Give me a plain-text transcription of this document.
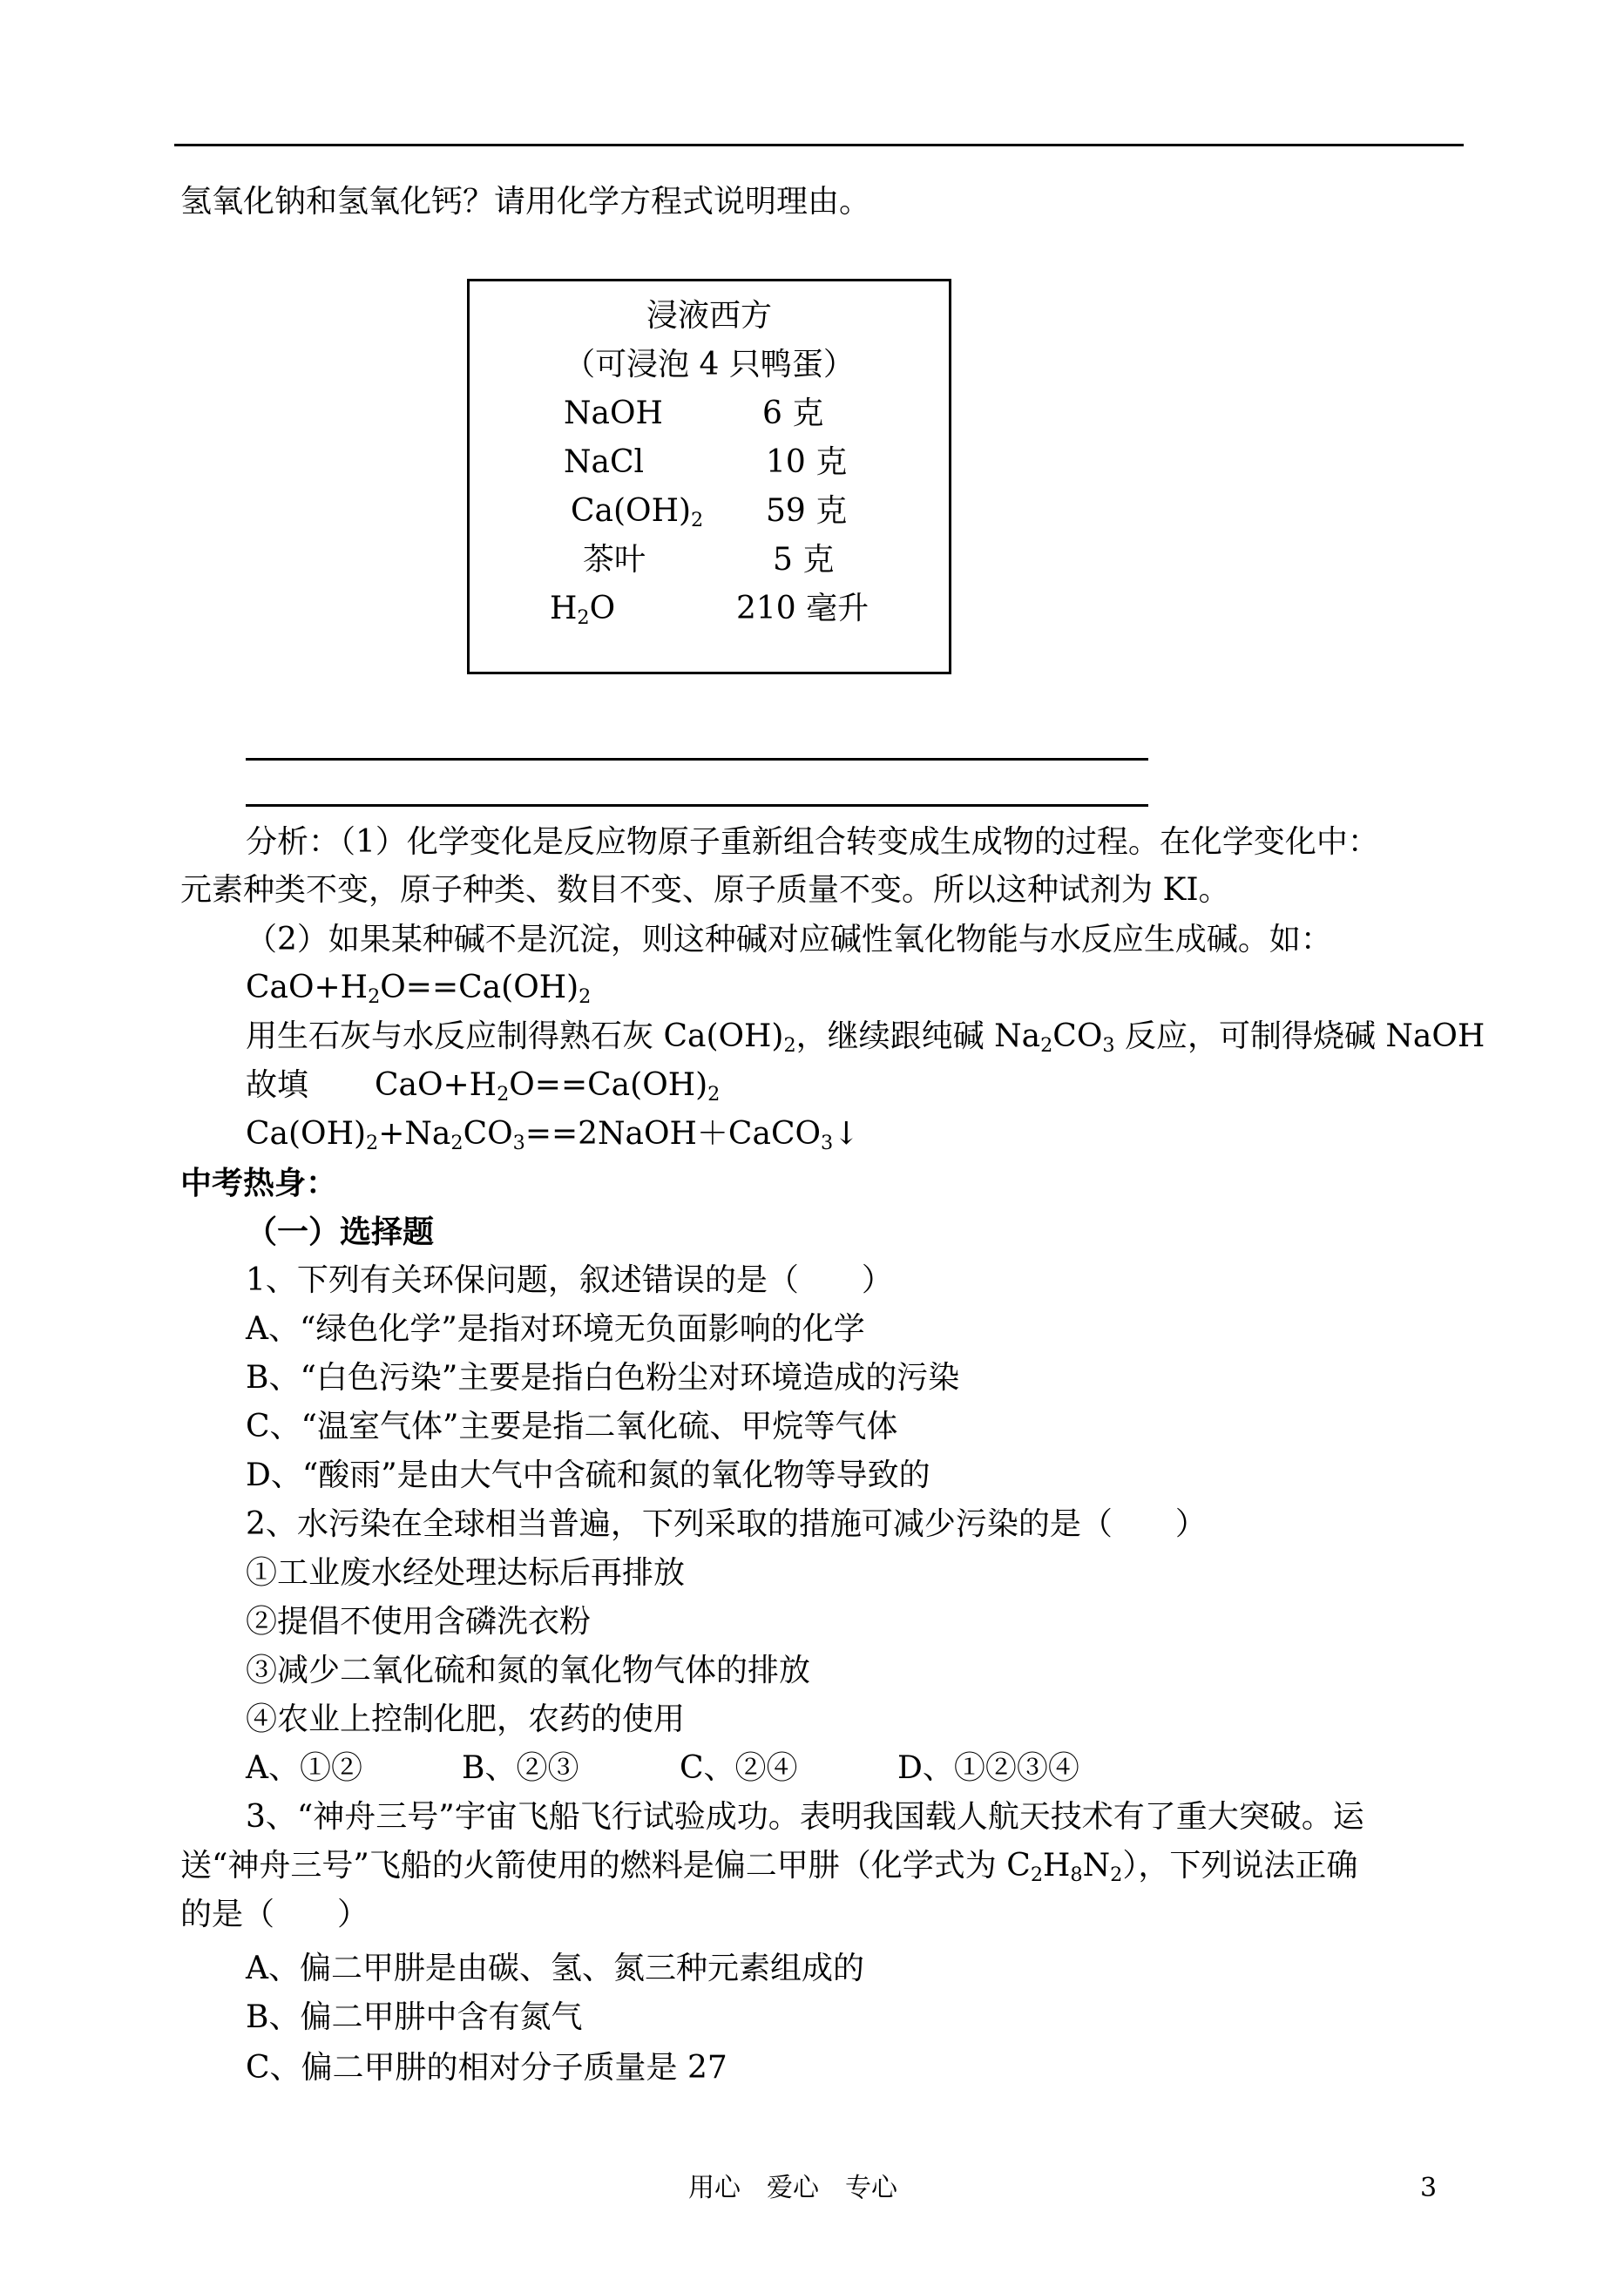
氢氧化钠和氢氧化钙？请用化学方程式说明理由。
浸液西方
（可浸泡 4 只鸭蛋）
NaOH	6 克
NaCl	10 克
$Ca(OH)_2$ 59 克
茶叶	5 克
$H_2O$	210 毫升
分析：（1）化学变化是反应物原子重新组合转变成生成物的过程。在化学变化中：
元素种类不变，原子种类、数目不变、原子质量不变。所以这种试剂为 KI。
（2）如果某种碱不是沉淀，则这种碱对应碱性氧化物能与水反应生成碱。如：
$CaO+H_2O==Ca(OH)_2$
用生石灰与水反应制得熟石灰 $Ca(OH)_2$，继续跟纯碱 $Na_2CO_3$ 反应，可制得烧碱 NaOH
故填 $CaO+H_2O==Ca(OH)_2$
$Ca(OH)_2+Na_2CO_3==2NaOH+CaCO_3↓$
中考热身：
（一）选择题
1、下列有关环保问题，叙述错误的是（　　）
A、“绿色化学”是指对环境无负面影响的化学
B、“白色污染”主要是指白色粉尘对环境造成的污染
C、“温室气体”主要是指二氧化硫、甲烷等气体
D、“酸雨”是由大气中含硫和氮的氧化物等导致的
2、水污染在全球相当普遍，下列采取的措施可减少污染的是（　　）
①工业废水经处理达标后再排放
②提倡不使用含磷洗衣粉
③减少二氧化硫和氮的氧化物气体的排放
④农业上控制化肥，农药的使用
A、①②	B、②③	C、②④	D、①②③④
3、“神舟三号”宇宙飞船飞行试验成功。表明我国载人航天技术有了重大突破。运
送“神舟三号”飞船的火箭使用的燃料是偏二甲肼（化学式为 $C_2H_8N_2$），下列说法正确
的是（　　）
A、偏二甲肼是由碳、氢、氮三种元素组成的
B、偏二甲肼中含有氮气
C、偏二甲肼的相对分子质量是 27
用心　爱心　专心	3
